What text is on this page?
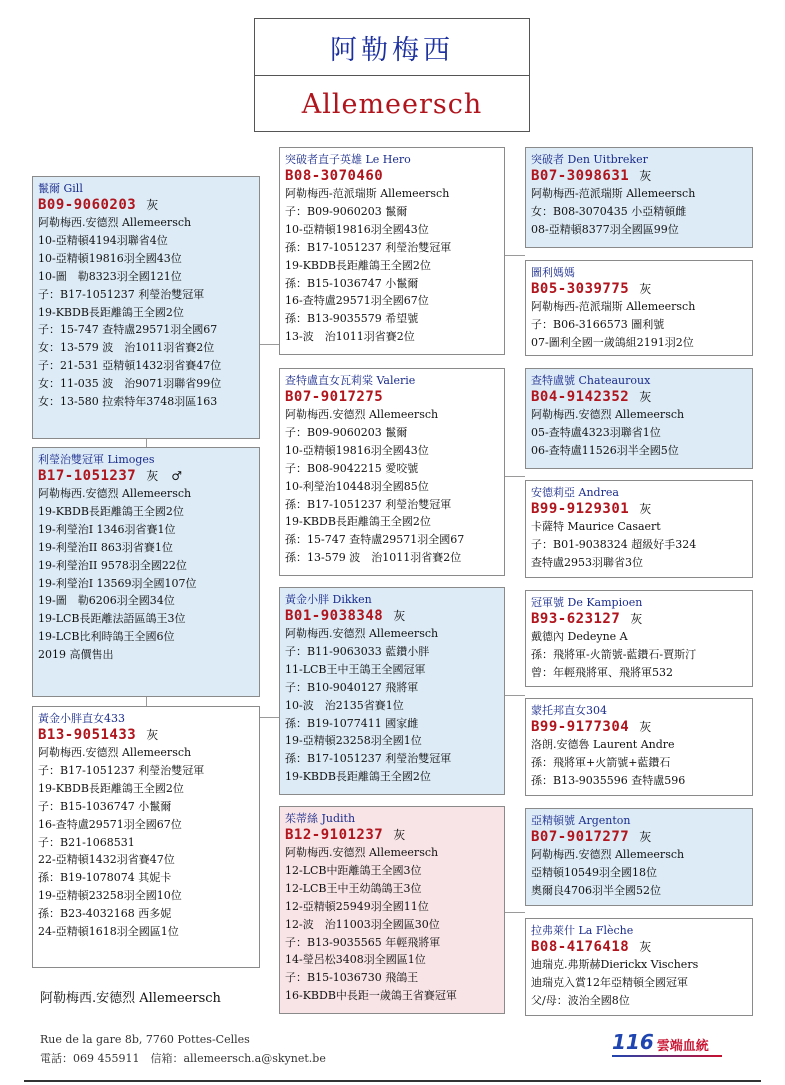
阿勒梅西
Allemeersch
鬣爾 Gill
B09-9060203 灰
阿勒梅西.安德烈 Allemeersch
10-亞精頓4194羽聯省4位
10-亞精頓19816羽全國43位
10-圖　勒8323羽全國121位
子：B17-1051237 利瑩治雙冠軍
19-KBDB長距離鴿王全國2位
子：15-747 查特盧29571羽全國67
女：13-579 波　治1011羽省賽2位
子：21-531 亞精頓1432羽省賽47位
女：11-035 波　治9071羽聯省99位
女：13-580 拉索特年3748羽區163
利瑩治雙冠軍 Limoges
B17-1051237 灰　♂
阿勒梅西.安德烈 Allemeersch
19-KBDB長距離鴿王全國2位
19-利瑩治I 1346羽省賽1位
19-利瑩治II 863羽省賽1位
19-利瑩治II 9578羽全國22位
19-利瑩治I 13569羽全國107位
19-圖　勒6206羽全國34位
19-LCB長距離法語區鴿王3位
19-LCB比利時鴿王全國6位
2019 高價售出
黃金小胖直女433
B13-9051433 灰
阿勒梅西.安德烈 Allemeersch
子：B17-1051237 利瑩治雙冠軍
19-KBDB長距離鴿王全國2位
子：B15-1036747 小鬣爾
16-查特盧29571羽全國67位
子：B21-1068531
22-亞精頓1432羽省賽47位
孫：B19-1078074 其妮卡
19-亞精頓23258羽全國10位
孫：B23-4032168 西多妮
24-亞精頓1618羽全國區1位
突破者直子英雄 Le Hero
B08-3070460
阿勒梅西-范派瑞斯 Allemeersch
子：B09-9060203 鬣爾
10-亞精頓19816羽全國43位
孫：B17-1051237 利瑩治雙冠軍
19-KBDB長距離鴿王全國2位
孫：B15-1036747 小鬣爾
16-查特盧29571羽全國67位
孫：B13-9035579 希望號
13-波　治1011羽省賽2位
查特盧直女瓦莉棠 Valerie
B07-9017275
阿勒梅西.安德烈 Allemeersch
子：B09-9060203 鬣爾
10-亞精頓19816羽全國43位
子：B08-9042215 愛咬號
10-利瑩治10448羽全國85位
孫：B17-1051237 利瑩治雙冠軍
19-KBDB長距離鴿王全國2位
孫：15-747 查特盧29571羽全國67
孫：13-579 波　治1011羽省賽2位
黃金小胖 Dikken
B01-9038348 灰
阿勒梅西.安德烈 Allemeersch
子：B11-9063033 藍鑽小胖
11-LCB王中王鴿王全國冠軍
子：B10-9040127 飛將軍
10-波　治2135省賽1位
孫：B19-1077411 國家雌
19-亞精頓23258羽全國1位
孫：B17-1051237 利瑩治雙冠軍
19-KBDB長距離鴿王全國2位
茱蒂絲 Judith
B12-9101237 灰
阿勒梅西.安德烈 Allemeersch
12-LCB中距離鴿王全國3位
12-LCB王中王幼鴿鴿王3位
12-亞精頓25949羽全國11位
12-波　治11003羽全國區30位
子：B13-9035565 年輕飛將軍
14-瑩呂松3408羽全國區1位
子：B15-1036730 飛鴿王
16-KBDB中長距一歲鴿王省賽冠軍
突破者 Den Uitbreker
B07-3098631 灰
阿勒梅西-范派瑞斯 Allemeersch
女：B08-3070435 小亞精頓雌
08-亞精頓8377羽全國區99位
圖利媽媽
B05-3039775 灰
阿勒梅西-范派瑞斯 Allemeersch
子：B06-3166573 圖利號
07-圖利全國一歲鴿組2191羽2位
查特盧號 Chateauroux
B04-9142352 灰
阿勒梅西.安德烈 Allemeersch
05-查特盧4323羽聯省1位
06-查特盧11526羽半全國5位
安德莉亞 Andrea
B99-9129301 灰
卡薩特 Maurice Casaert
子：B01-9038324 超級好手324
查特盧2953羽聯省3位
冠軍號 De Kampioen
B93-623127 灰
戴德內 Dedeyne A
孫：飛將軍-火箭號-藍鑽石-賈斯汀
曾：年輕飛將軍、飛將軍532
蒙托邦直女304
B99-9177304 灰
洛朗.安德魯 Laurent Andre
孫：飛將軍+火箭號+藍鑽石
孫：B13-9035596 查特盧596
亞精頓號 Argenton
B07-9017277 灰
阿勒梅西.安德烈 Allemeersch
亞精頓10549羽全國18位
奧爾良4706羽半全國52位
拉弗萊什 La Flèche
B08-4176418 灰
迪瑞克.弗斯赫Dierickx Vischers
迪瑞克入賞12年亞精頓全國冠軍
父/母：波治全國8位
阿勒梅西.安德烈 Allemeersch
Rue de la gare 8b, 7760 Pottes-Celles
電話：069 455911　信箱：allemeersch.a@skynet.be
116 雲端血統
